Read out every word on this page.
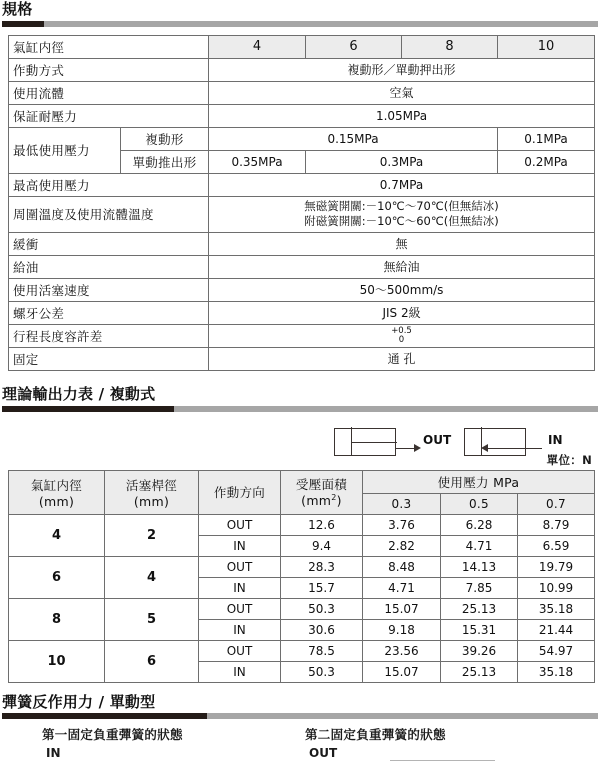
規格
氣缸内徑		4	6	8	10
作動方式		複動形／單動押出形			
使用流體		空氣			
保証耐壓力		1.05MPa			
最低使用壓力	複動形	0.15MPa			0.1MPa
	單動推出形	0.35MPa	0.3MPa		0.2MPa
最高使用壓力		0.7MPa			
周圍溫度及使用流體溫度		無磁簧開關:－10℃～70℃(但無結冰)
附磁簧開關:－10℃～60℃(但無結冰)			

緩衝		無			
給油		無給油			
使用活塞速度		50～500mm/s			
螺牙公差		JIS 2級			
行程長度容許差		+0.5
0			

固定		通 孔			
理論輸出力表 / 複動式
OUT	IN
單位：N
氣缸内徑
(mm)

活塞桿徑
(mm)
	作動方向	
受壓面積
$(mm^2)$
	使用壓力 MPa
				0.3	0.5	0.7
4	2	OUT	12.6	3.76	6.28	8.79
		IN	9.4	2.82	4.71	6.59
6	4	OUT	28.3	8.48	14.13	19.79
		IN	15.7	4.71	7.85	10.99
8	5	OUT	50.3	15.07	25.13	35.18
		IN	30.6	9.18	15.31	21.44
10	6	OUT	78.5	23.56	39.26	54.97
		IN	50.3	15.07	25.13	35.18
彈簧反作用力 / 單動型
第一固定負重彈簧的狀態
IN
第二固定負重彈簧的狀態
OUT
